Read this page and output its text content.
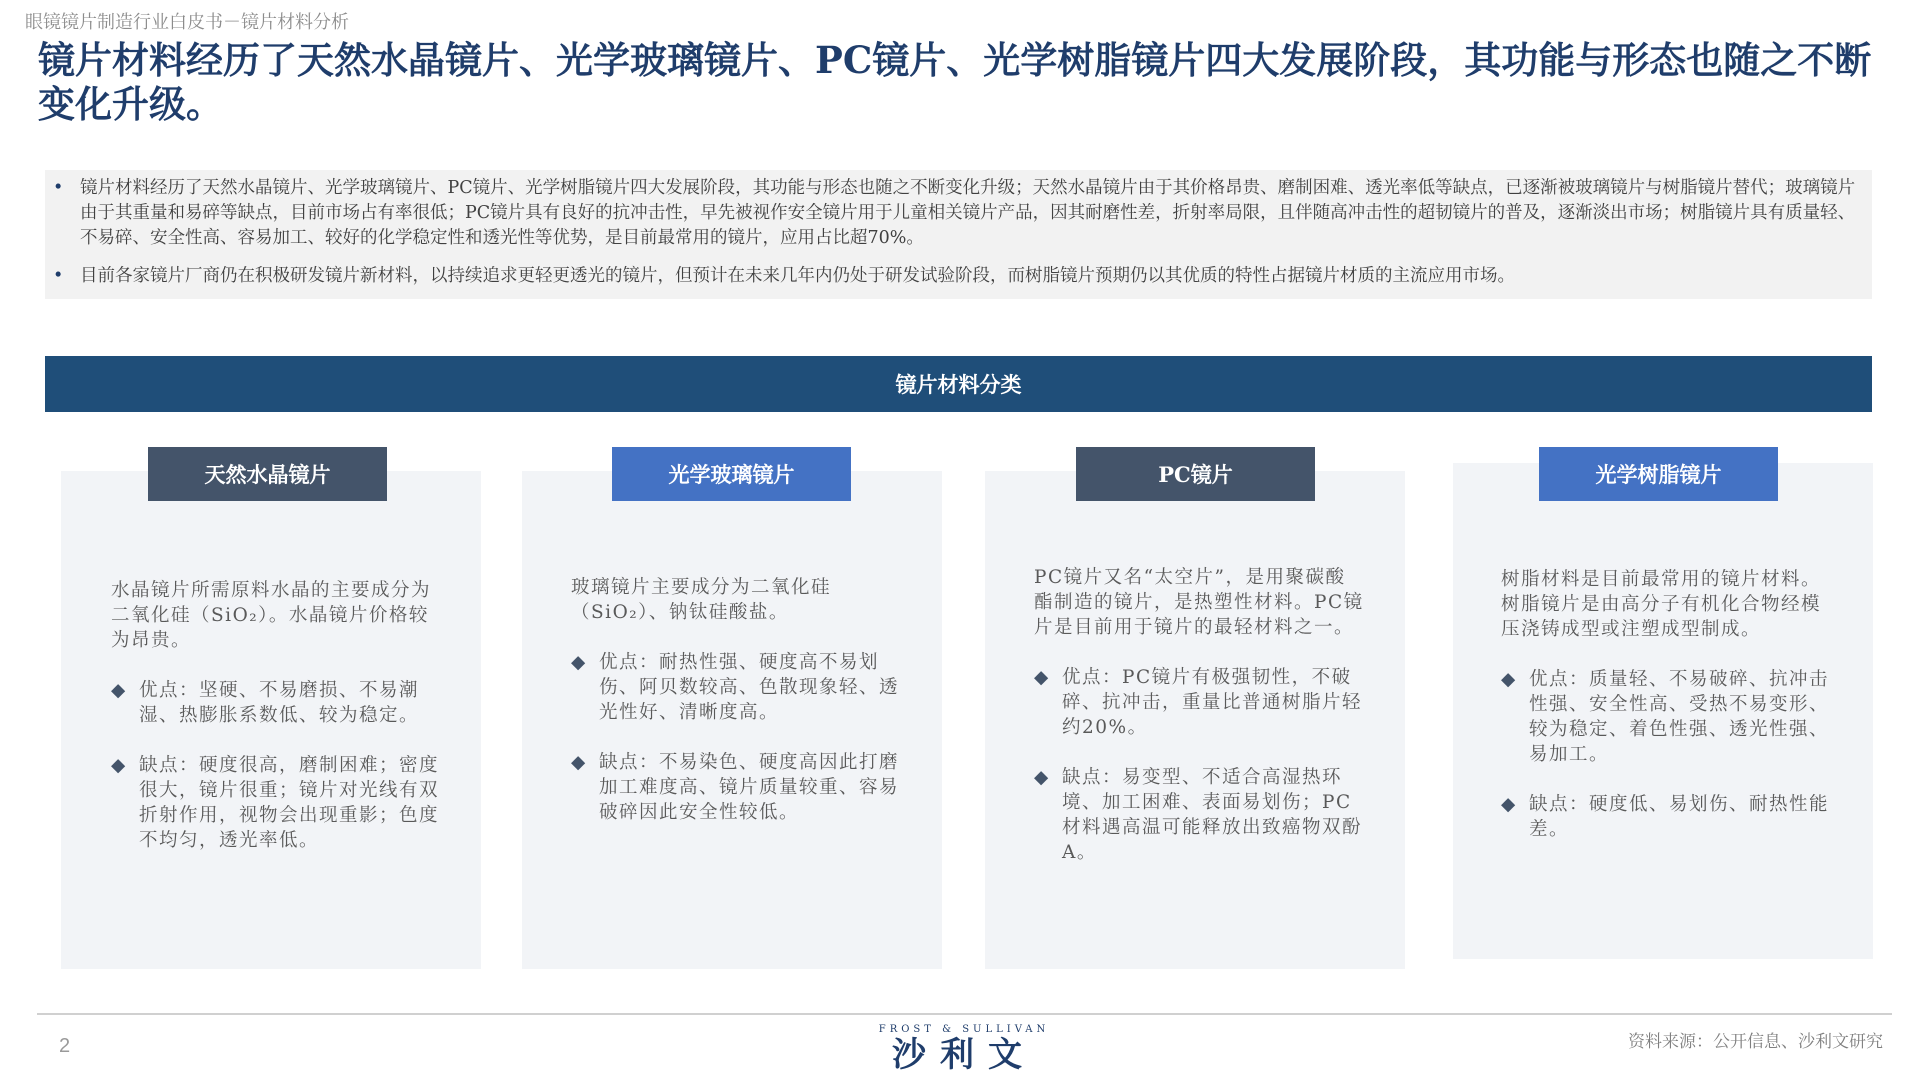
眼镜镜片制造行业白皮书－镜片材料分析
镜片材料经历了天然水晶镜片、光学玻璃镜片、PC镜片、光学树脂镜片四大发展阶段，其功能与形态也随之不断变化升级。
• 镜片材料经历了天然水晶镜片、光学玻璃镜片、PC镜片、光学树脂镜片四大发展阶段，其功能与形态也随之不断变化升级；天然水晶镜片由于其价格昂贵、磨制困难、透光率低等缺点，已逐渐被玻璃镜片与树脂镜片替代；玻璃镜片由于其重量和易碎等缺点，目前市场占有率很低；PC镜片具有良好的抗冲击性，早先被视作安全镜片用于儿童相关镜片产品，因其耐磨性差，折射率局限，且伴随高冲击性的超韧镜片的普及，逐渐淡出市场；树脂镜片具有质量轻、不易碎、安全性高、容易加工、较好的化学稳定性和透光性等优势，是目前最常用的镜片，应用占比超70%。
• 目前各家镜片厂商仍在积极研发镜片新材料，以持续追求更轻更透光的镜片，但预计在未来几年内仍处于研发试验阶段，而树脂镜片预期仍以其优质的特性占据镜片材质的主流应用市场。
镜片材料分类
天然水晶镜片	光学玻璃镜片	PC镜片	光学树脂镜片

水晶镜片所需原料水晶的主要成分为二氧化硅（SiO₂）。水晶镜片价格较为昂贵。

◆ 优点：坚硬、不易磨损、不易潮湿、热膨胀系数低、较为稳定。

◆ 缺点：硬度很高，磨制困难；密度很大，镜片很重；镜片对光线有双折射作用，视物会出现重影；色度不均匀，透光率低。

玻璃镜片主要成分为二氧化硅（SiO₂）、钠钛硅酸盐。

◆ 优点：耐热性强、硬度高不易划伤、阿贝数较高、色散现象轻、透光性好、清晰度高。

◆ 缺点：不易染色、硬度高因此打磨加工难度高、镜片质量较重、容易破碎因此安全性较低。

PC镜片又名“太空片”，是用聚碳酸酯制造的镜片，是热塑性材料。PC镜片是目前用于镜片的最轻材料之一。

◆ 优点：PC镜片有极强韧性，不破碎、抗冲击，重量比普通树脂片轻约20%。

◆ 缺点：易变型、不适合高湿热环境、加工困难、表面易划伤；PC材料遇高温可能释放出致癌物双酚A。

树脂材料是目前最常用的镜片材料。树脂镜片是由高分子有机化合物经模压浇铸成型或注塑成型制成。

◆ 优点：质量轻、不易破碎、抗冲击性强、安全性高、受热不易变形、较为稳定、着色性强、透光性强、易加工。

◆ 缺点：硬度低、易划伤、耐热性能差。

2
FROST & SULLIVAN
沙利文	资料来源：公开信息、沙利文研究
